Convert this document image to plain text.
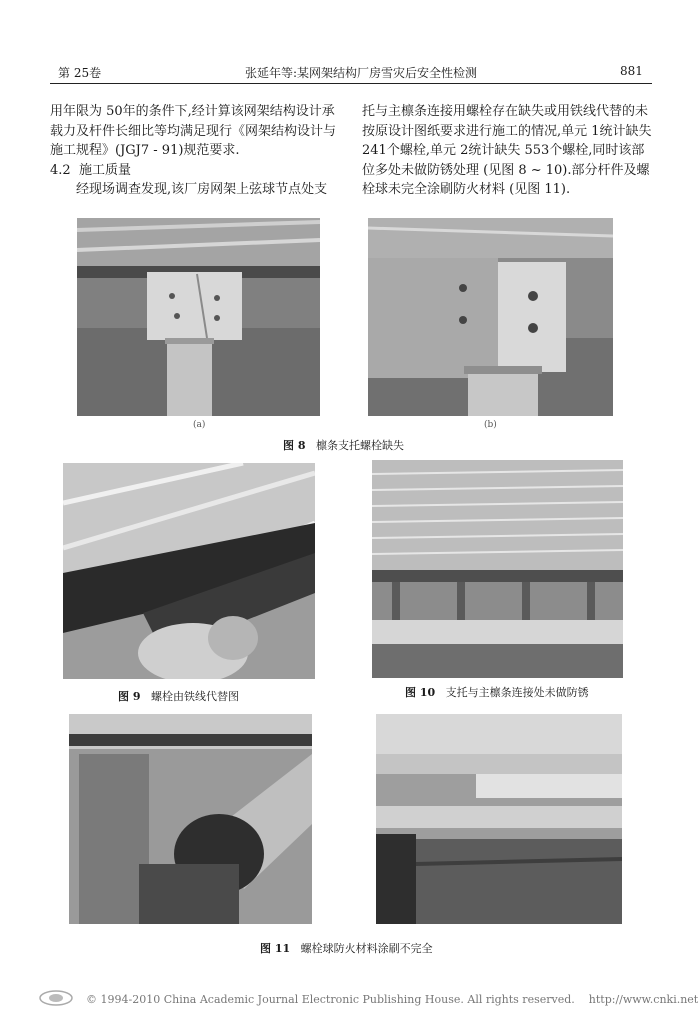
第 25卷	张延年等:某网架结构厂房雪灾后安全性检测	881

用年限为 50年的条件下,经计算该网架结构设计承载力及杆件长细比等均满足现行《网架结构设计与施工规程》(JGJ7 - 91)规范要求.

4.2 施工质量

经现场调查发现,该厂房网架上弦球节点处支

托与主檩条连接用螺栓存在缺失或用铁线代替的未按原设计图纸要求进行施工的情况,单元 1统计缺失 241个螺栓,单元 2统计缺失 553个螺栓,同时该部位多处未做防锈处理 (见图 8 ~ 10).部分杆件及螺栓球未完全涂刷防火材料 (见图 11).

(a)	(b)
图 8 檩条支托螺栓缺失
图 9 螺栓由铁线代替图	图 10 支托与主檩条连接处未做防锈
图 11 螺栓球防火材料涂刷不完全
© 1994-2010 China Academic Journal Electronic Publishing House. All rights reserved. http://www.cnki.net
